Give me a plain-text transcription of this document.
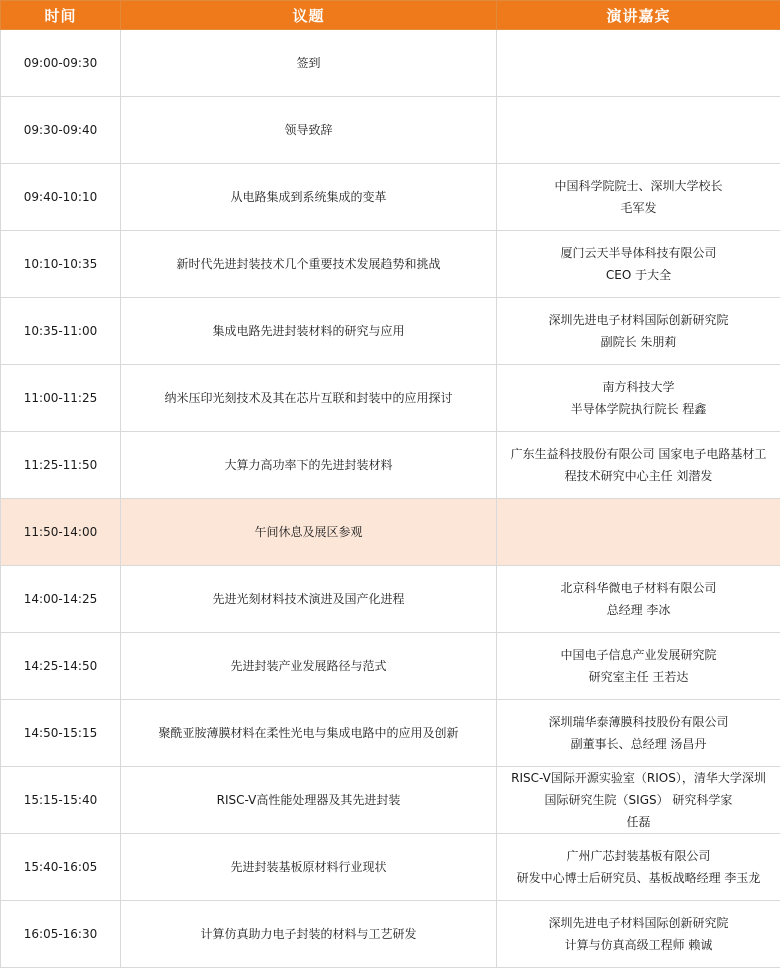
时间	议题	演讲嘉宾
09:00-09:30	签到	
09:30-09:40	领导致辞	
09:40-10:10	从电路集成到系统集成的变革	中国科学院院士、深圳大学校长
毛军发

10:10-10:35	新时代先进封装技术几个重要技术发展趋势和挑战	厦门云天半导体科技有限公司
CEO 于大全

10:35-11:00	集成电路先进封装材料的研究与应用	深圳先进电子材料国际创新研究院
副院长 朱朋莉

11:00-11:25	纳米压印光刻技术及其在芯片互联和封装中的应用探讨	南方科技大学
半导体学院执行院长 程鑫

11:25-11:50	大算力高功率下的先进封装材料	广东生益科技股份有限公司 国家电子电路基材工
程技术研究中心主任 刘潜发

11:50-14:00	午间休息及展区参观	
14:00-14:25	先进光刻材料技术演进及国产化进程	北京科华微电子材料有限公司
总经理 李冰

14:25-14:50	先进封装产业发展路径与范式	中国电子信息产业发展研究院
研究室主任 王若达

14:50-15:15	聚酰亚胺薄膜材料在柔性光电与集成电路中的应用及创新	深圳瑞华泰薄膜科技股份有限公司
副董事长、总经理 汤昌丹

15:15-15:40	RISC-V高性能处理器及其先进封装	RISC-V国际开源实验室（RIOS），清华大学深圳
国际研究生院（SIGS） 研究科学家
任磊

15:40-16:05	先进封装基板原材料行业现状	广州广芯封装基板有限公司
研发中心博士后研究员、基板战略经理 李玉龙

16:05-16:30	计算仿真助力电子封装的材料与工艺研发	深圳先进电子材料国际创新研究院
计算与仿真高级工程师 赖诚
